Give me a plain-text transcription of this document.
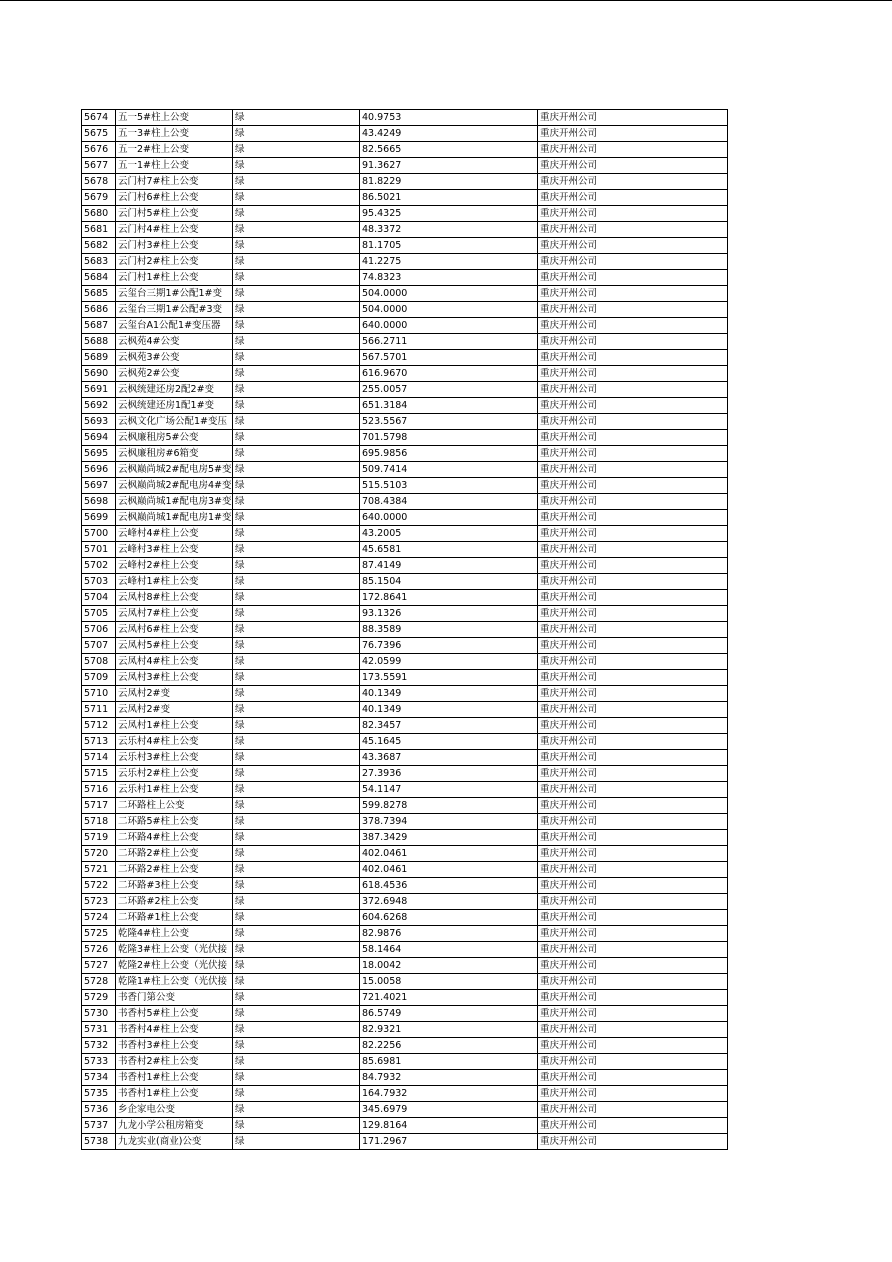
5674	五一5#柱上公变	绿	40.9753	重庆开州公司
5675	五一3#柱上公变	绿	43.4249	重庆开州公司
5676	五一2#柱上公变	绿	82.5665	重庆开州公司
5677	五一1#柱上公变	绿	91.3627	重庆开州公司
5678	云门村7#柱上公变	绿	81.8229	重庆开州公司
5679	云门村6#柱上公变	绿	86.5021	重庆开州公司
5680	云门村5#柱上公变	绿	95.4325	重庆开州公司
5681	云门村4#柱上公变	绿	48.3372	重庆开州公司
5682	云门村3#柱上公变	绿	81.1705	重庆开州公司
5683	云门村2#柱上公变	绿	41.2275	重庆开州公司
5684	云门村1#柱上公变	绿	74.8323	重庆开州公司
5685	云玺台三期1#公配1#变	绿	504.0000	重庆开州公司
5686	云玺台三期1#公配#3变	绿	504.0000	重庆开州公司
5687	云玺台A1公配1#变压器	绿	640.0000	重庆开州公司
5688	云枫苑4#公变	绿	566.2711	重庆开州公司
5689	云枫苑3#公变	绿	567.5701	重庆开州公司
5690	云枫苑2#公变	绿	616.9670	重庆开州公司
5691	云枫统建还房2配2#变	绿	255.0057	重庆开州公司
5692	云枫统建还房1配1#变	绿	651.3184	重庆开州公司
5693	云枫文化广场公配1#变压	绿	523.5567	重庆开州公司
5694	云枫廉租房5#公变	绿	701.5798	重庆开州公司
5695	云枫廉租房#6箱变	绿	695.9856	重庆开州公司
5696	云枫巅尚城2#配电房5#变	绿	509.7414	重庆开州公司
5697	云枫巅尚城2#配电房4#变	绿	515.5103	重庆开州公司
5698	云枫巅尚城1#配电房3#变	绿	708.4384	重庆开州公司
5699	云枫巅尚城1#配电房1#变	绿	640.0000	重庆开州公司
5700	云峰村4#柱上公变	绿	43.2005	重庆开州公司
5701	云峰村3#柱上公变	绿	45.6581	重庆开州公司
5702	云峰村2#柱上公变	绿	87.4149	重庆开州公司
5703	云峰村1#柱上公变	绿	85.1504	重庆开州公司
5704	云凤村8#柱上公变	绿	172.8641	重庆开州公司
5705	云凤村7#柱上公变	绿	93.1326	重庆开州公司
5706	云凤村6#柱上公变	绿	88.3589	重庆开州公司
5707	云凤村5#柱上公变	绿	76.7396	重庆开州公司
5708	云凤村4#柱上公变	绿	42.0599	重庆开州公司
5709	云凤村3#柱上公变	绿	173.5591	重庆开州公司
5710	云凤村2#变	绿	40.1349	重庆开州公司
5711	云凤村2#变	绿	40.1349	重庆开州公司
5712	云凤村1#柱上公变	绿	82.3457	重庆开州公司
5713	云乐村4#柱上公变	绿	45.1645	重庆开州公司
5714	云乐村3#柱上公变	绿	43.3687	重庆开州公司
5715	云乐村2#柱上公变	绿	27.3936	重庆开州公司
5716	云乐村1#柱上公变	绿	54.1147	重庆开州公司
5717	二环路柱上公变	绿	599.8278	重庆开州公司
5718	二环路5#柱上公变	绿	378.7394	重庆开州公司
5719	二环路4#柱上公变	绿	387.3429	重庆开州公司
5720	二环路2#柱上公变	绿	402.0461	重庆开州公司
5721	二环路2#柱上公变	绿	402.0461	重庆开州公司
5722	二环路#3柱上公变	绿	618.4536	重庆开州公司
5723	二环路#2柱上公变	绿	372.6948	重庆开州公司
5724	二环路#1柱上公变	绿	604.6268	重庆开州公司
5725	乾隆4#柱上公变	绿	82.9876	重庆开州公司
5726	乾隆3#柱上公变（光伏接	绿	58.1464	重庆开州公司
5727	乾隆2#柱上公变（光伏接	绿	18.0042	重庆开州公司
5728	乾隆1#柱上公变（光伏接	绿	15.0058	重庆开州公司
5729	书香门第公变	绿	721.4021	重庆开州公司
5730	书香村5#柱上公变	绿	86.5749	重庆开州公司
5731	书香村4#柱上公变	绿	82.9321	重庆开州公司
5732	书香村3#柱上公变	绿	82.2256	重庆开州公司
5733	书香村2#柱上公变	绿	85.6981	重庆开州公司
5734	书香村1#柱上公变	绿	84.7932	重庆开州公司
5735	书香村1#柱上公变	绿	164.7932	重庆开州公司
5736	乡企家电公变	绿	345.6979	重庆开州公司
5737	九龙小学公租房箱变	绿	129.8164	重庆开州公司
5738	九龙实业(商业)公变	绿	171.2967	重庆开州公司
